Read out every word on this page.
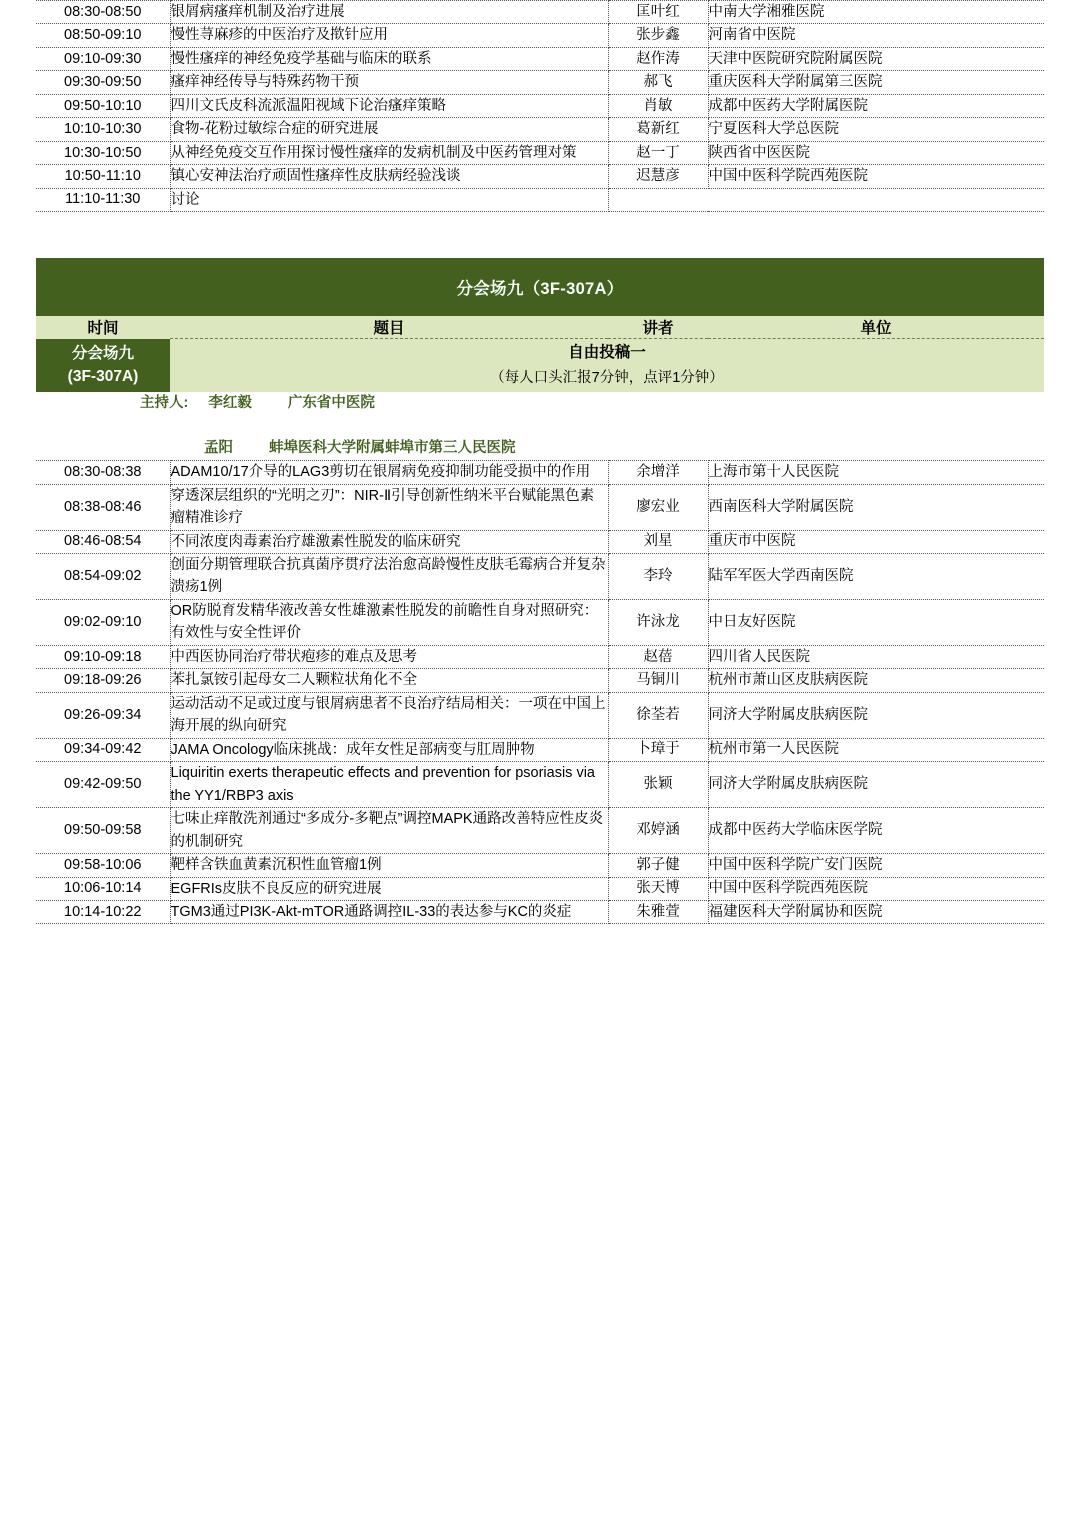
08:30-08:50	银屑病瘙痒机制及治疗进展	匡叶红	中南大学湘雅医院
08:50-09:10	慢性荨麻疹的中医治疗及揿针应用	张步鑫	河南省中医院
09:10-09:30	慢性瘙痒的神经免疫学基础与临床的联系	赵作涛	天津中医院研究院附属医院
09:30-09:50	瘙痒神经传导与特殊药物干预	郝飞	重庆医科大学附属第三医院
09:50-10:10	四川文氏皮科流派温阳视域下论治瘙痒策略	肖敏	成都中医药大学附属医院
10:10-10:30	食物-花粉过敏综合症的研究进展	葛新红	宁夏医科大学总医院
10:30-10:50	从神经免疫交互作用探讨慢性瘙痒的发病机制及中医药管理对策	赵一丁	陕西省中医医院
10:50-11:10	镇心安神法治疗顽固性瘙痒性皮肤病经验浅谈	迟慧彦	中国中医科学院西苑医院
11:10-11:30	讨论		
分会场九（3F-307A）
时间	题目	讲者	单位

分会场九
(3F-307A)

自由投稿一
（每人口头汇报7分钟，点评1分钟）

主持人: 李红毅 广东省中医院
孟阳 蚌埠医科大学附属蚌埠市第三人民医院			

08:30-08:38	ADAM10/17介导的LAG3剪切在银屑病免疫抑制功能受损中的作用	余增洋	上海市第十人民医院
08:38-08:46	穿透深层组织的“光明之刃”：NIR-Ⅱ引导创新性纳米平台赋能黑色素瘤精准诊疗	廖宏业	西南医科大学附属医院
08:46-08:54	不同浓度肉毒素治疗雄激素性脱发的临床研究	刘星	重庆市中医院
08:54-09:02	创面分期管理联合抗真菌序贯疗法治愈高龄慢性皮肤毛霉病合并复杂溃疡1例	李玲	陆军军医大学西南医院
09:02-09:10	OR防脱育发精华液改善女性雄激素性脱发的前瞻性自身对照研究：有效性与安全性评价	许泳龙	中日友好医院
09:10-09:18	中西医协同治疗带状疱疹的难点及思考	赵蓓	四川省人民医院
09:18-09:26	苯扎氯铵引起母女二人颗粒状角化不全	马铜川	杭州市萧山区皮肤病医院
09:26-09:34	运动活动不足或过度与银屑病患者不良治疗结局相关：一项在中国上海开展的纵向研究	徐荃若	同济大学附属皮肤病医院
09:34-09:42	JAMA Oncology临床挑战：成年女性足部病变与肛周肿物	卜璋于	杭州市第一人民医院
09:42-09:50	Liquiritin exerts therapeutic effects and prevention for psoriasis via the YY1/RBP3 axis	张颖	同济大学附属皮肤病医院
09:50-09:58	七味止痒散洗剂通过“多成分-多靶点”调控MAPK通路改善特应性皮炎的机制研究	邓婷涵	成都中医药大学临床医学院
09:58-10:06	靶样含铁血黄素沉积性血管瘤1例	郭子健	中国中医科学院广安门医院
10:06-10:14	EGFRIs皮肤不良反应的研究进展	张天博	中国中医科学院西苑医院
10:14-10:22	TGM3通过PI3K-Akt-mTOR通路调控IL-33的表达参与KC的炎症	朱雅萱	福建医科大学附属协和医院
